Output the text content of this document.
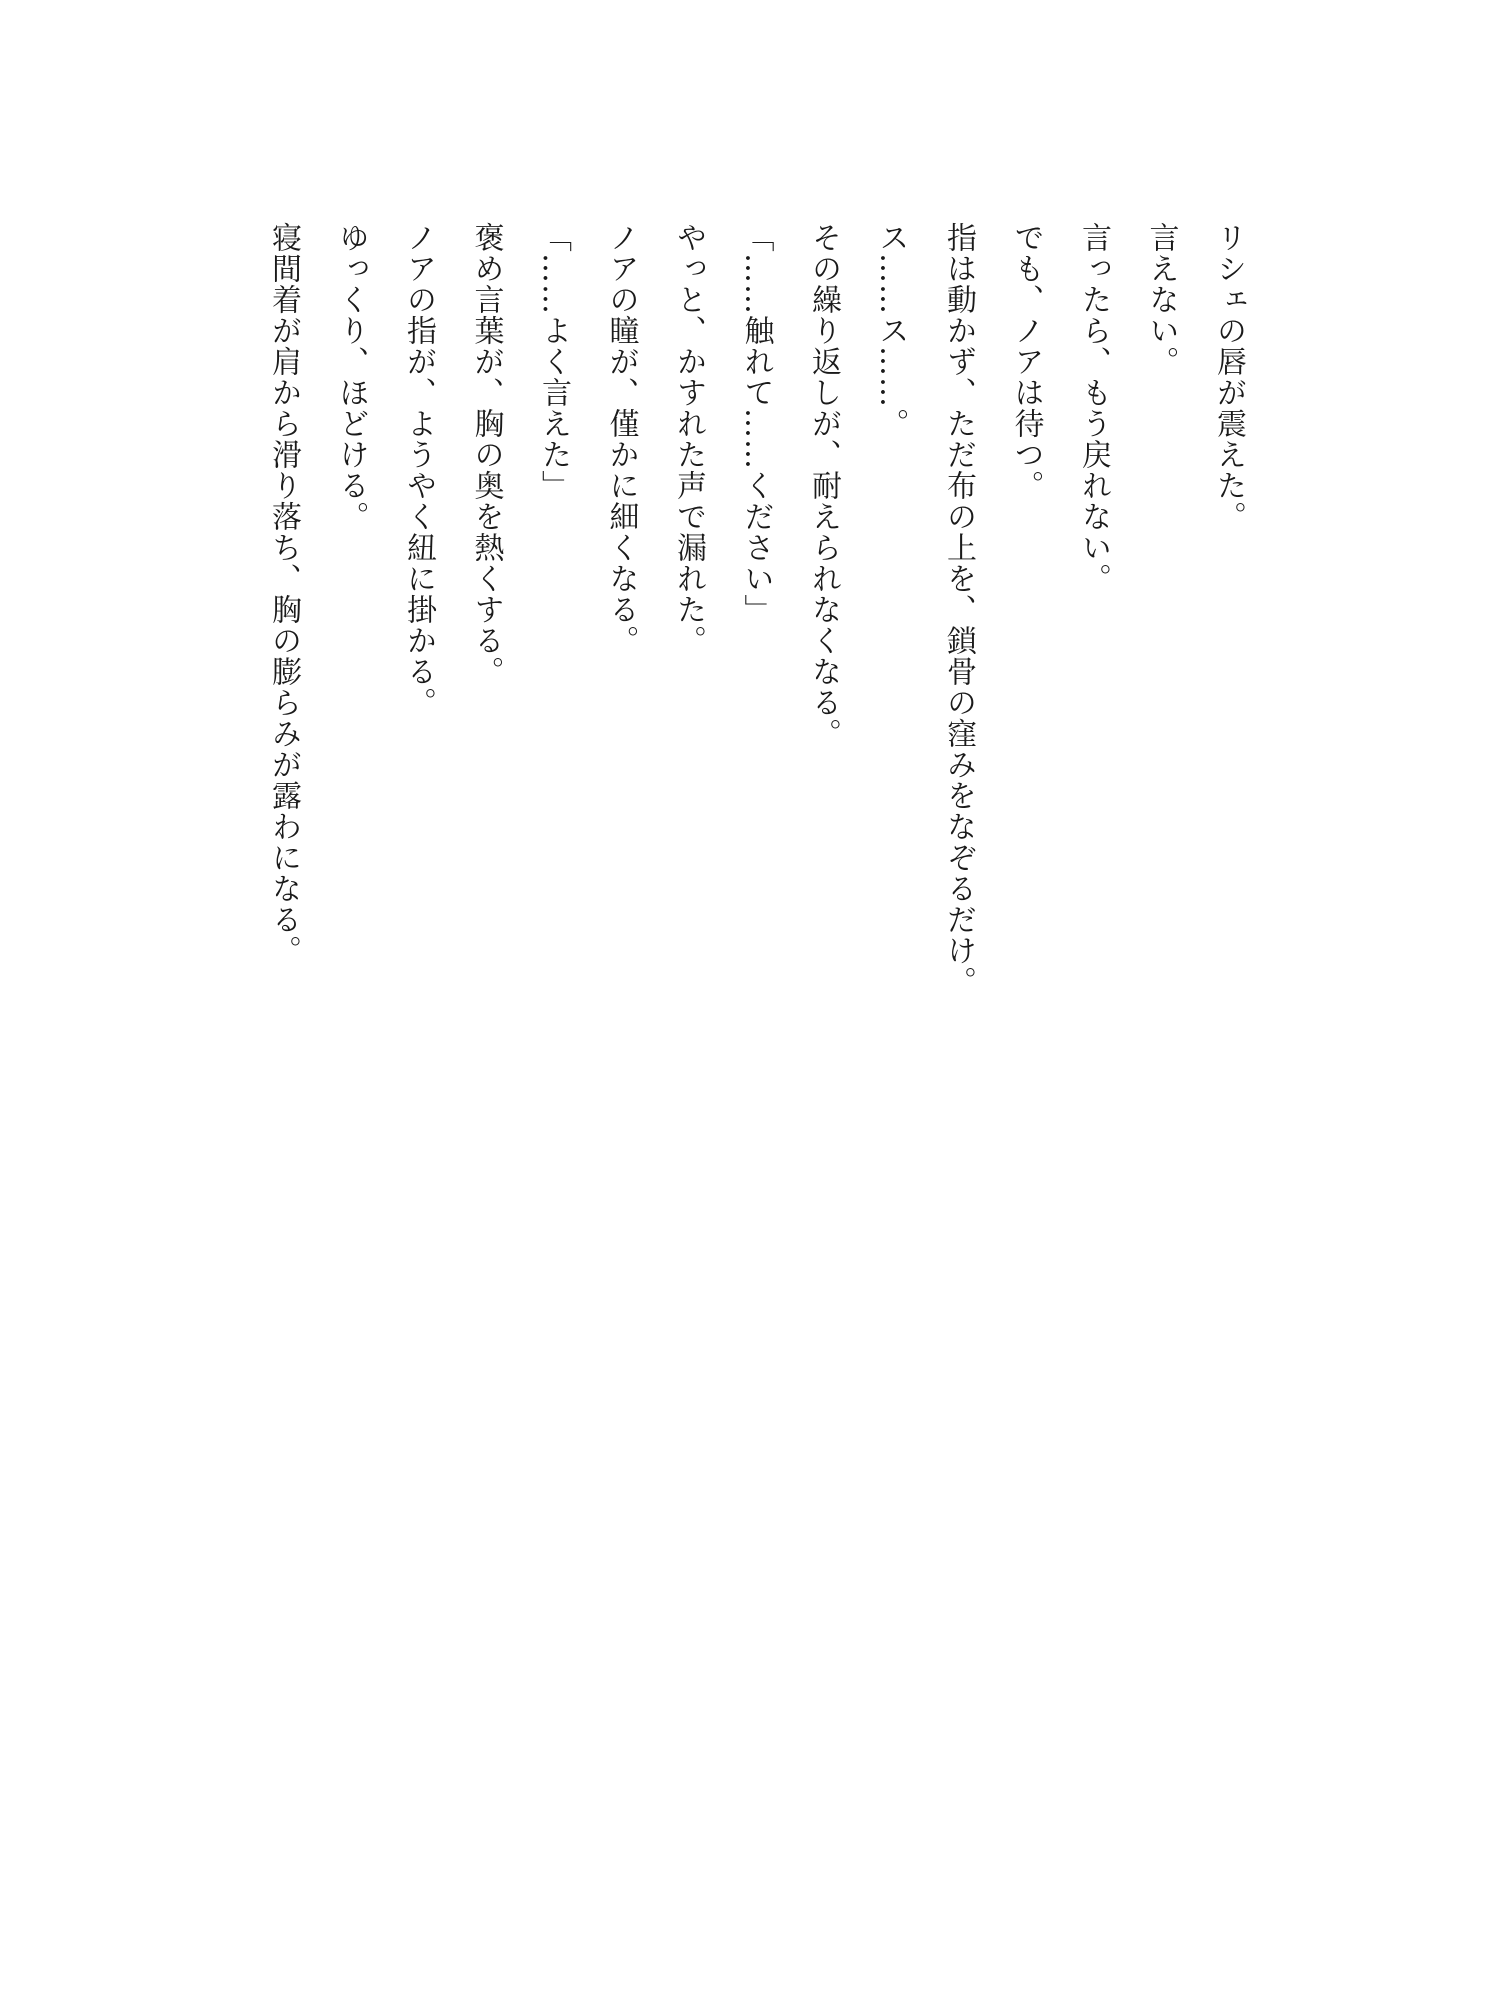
リシェの唇が震えた。
言えない。
言ったら、もう戻れない。
でも、ノアは待つ。
指は動かず、ただ布の上を、鎖骨の窪みをなぞるだけ。
ス……ス……。
その繰り返しが、耐えられなくなる。
「……触れて……ください」
やっと、かすれた声で漏れた。
ノアの瞳が、僅かに細くなる。
「……よく言えた」
褒め言葉が、胸の奥を熱くする。
ノアの指が、ようやく紐に掛かる。
ゆっくり、ほどける。
寝間着が肩から滑り落ち、胸の膨らみが露わになる。
